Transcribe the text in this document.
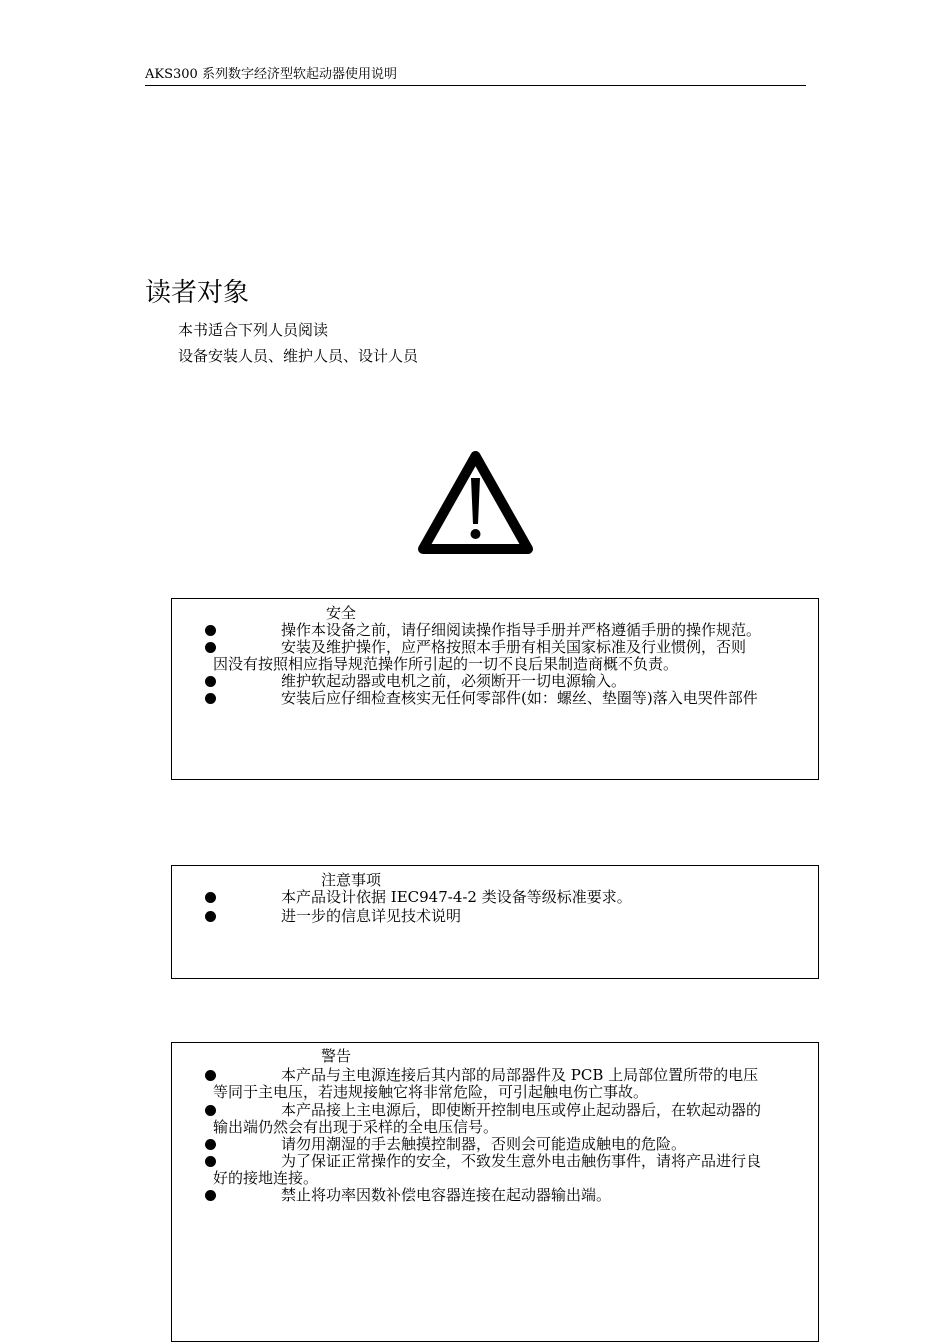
AKS300 系列数字经济型软起动器使用说明
读者对象
本书适合下列人员阅读
设备安装人员、维护人员、设计人员
安全
操作本设备之前，请仔细阅读操作指导手册并严格遵循手册的操作规范。
安装及维护操作，应严格按照本手册有相关国家标准及行业惯例，否则
因没有按照相应指导规范操作所引起的一切不良后果制造商概不负责。
维护软起动器或电机之前，必须断开一切电源输入。
安装后应仔细检查核实无任何零部件(如：螺丝、垫圈等)落入电哭件部件
注意事项
本产品设计依据 IEC947-4-2 类设备等级标准要求。
进一步的信息详见技术说明
警告
本产品与主电源连接后其内部的局部器件及 PCB 上局部位置所带的电压
等同于主电压，若违规接触它将非常危险，可引起触电伤亡事故。
本产品接上主电源后，即使断开控制电压或停止起动器后，在软起动器的
输出端仍然会有出现于采样的全电压信号。
请勿用潮湿的手去触摸控制器，否则会可能造成触电的危险。
为了保证正常操作的安全，不致发生意外电击触伤事件，请将产品进行良
好的接地连接。
禁止将功率因数补偿电容器连接在起动器输出端。
